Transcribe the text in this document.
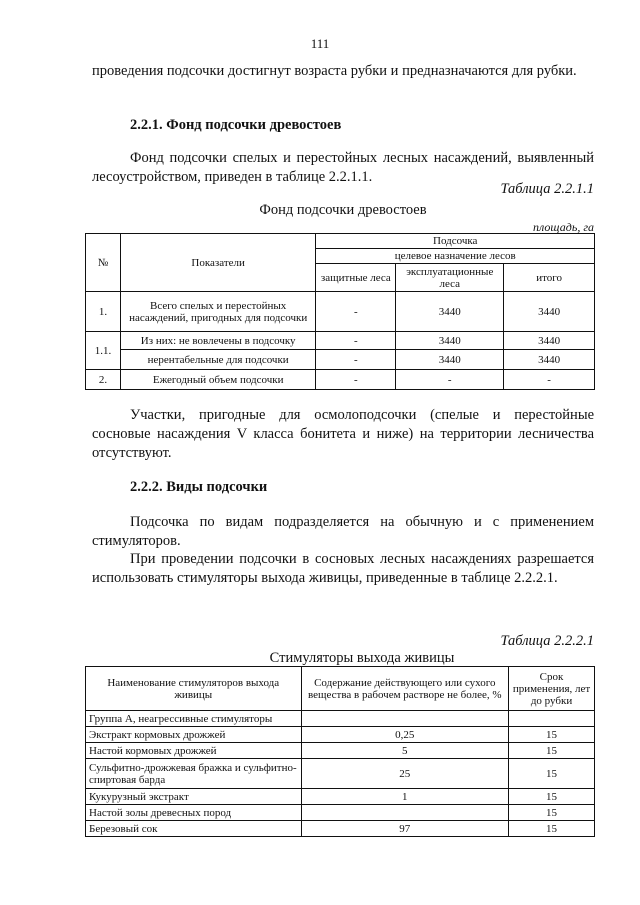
111

проведения подсочки достигнут возраста рубки и предназначаются для рубки.

2.2.1. Фонд подсочки древостоев

Фонд подсочки спелых и перестойных лесных насаждений, выявленный лесоустройством, приведен в таблице 2.2.1.1.

Таблица 2.2.1.1
Фонд подсочки древостоев
площадь, га
№	Показатели	Подсочка		
		целевое назначение лесов		
		защитные леса	эксплуатационные леса	итого
1.	Всего спелых и перестойных насаждений, пригодных для подсочки	-	3440	3440
1.1.	Из них: не вовлечены в подсочку	-	3440	3440
	нерентабельные для подсочки	-	3440	3440
2.	Ежегодный объем подсочки	-	-	-

Участки, пригодные для осмолоподсочки (спелые и перестойные сосновые насаждения V класса бонитета и ниже) на территории лесничества отсутствуют.

2.2.2. Виды подсочки

Подсочка по видам подразделяется на обычную и с применением стимуляторов.

При проведении подсочки в сосновых лесных насаждениях разрешается использовать стимуляторы выхода живицы, приведенные в таблице 2.2.2.1.

Таблица 2.2.2.1
Стимуляторы выхода живицы
Наименование стимуляторов выхода живицы	Содержание действующего или сухого вещества в рабочем растворе не более, %	Срок применения, лет до рубки
Группа А, неагрессивные стимуляторы		
Экстракт кормовых дрожжей	0,25	15
Настой кормовых дрожжей	5	15
Сульфитно-дрожжевая бражка и сульфитно-спиртовая барда	25	15
Кукурузный экстракт	1	15
Настой золы древесных пород		15
Березовый сок	97	15
